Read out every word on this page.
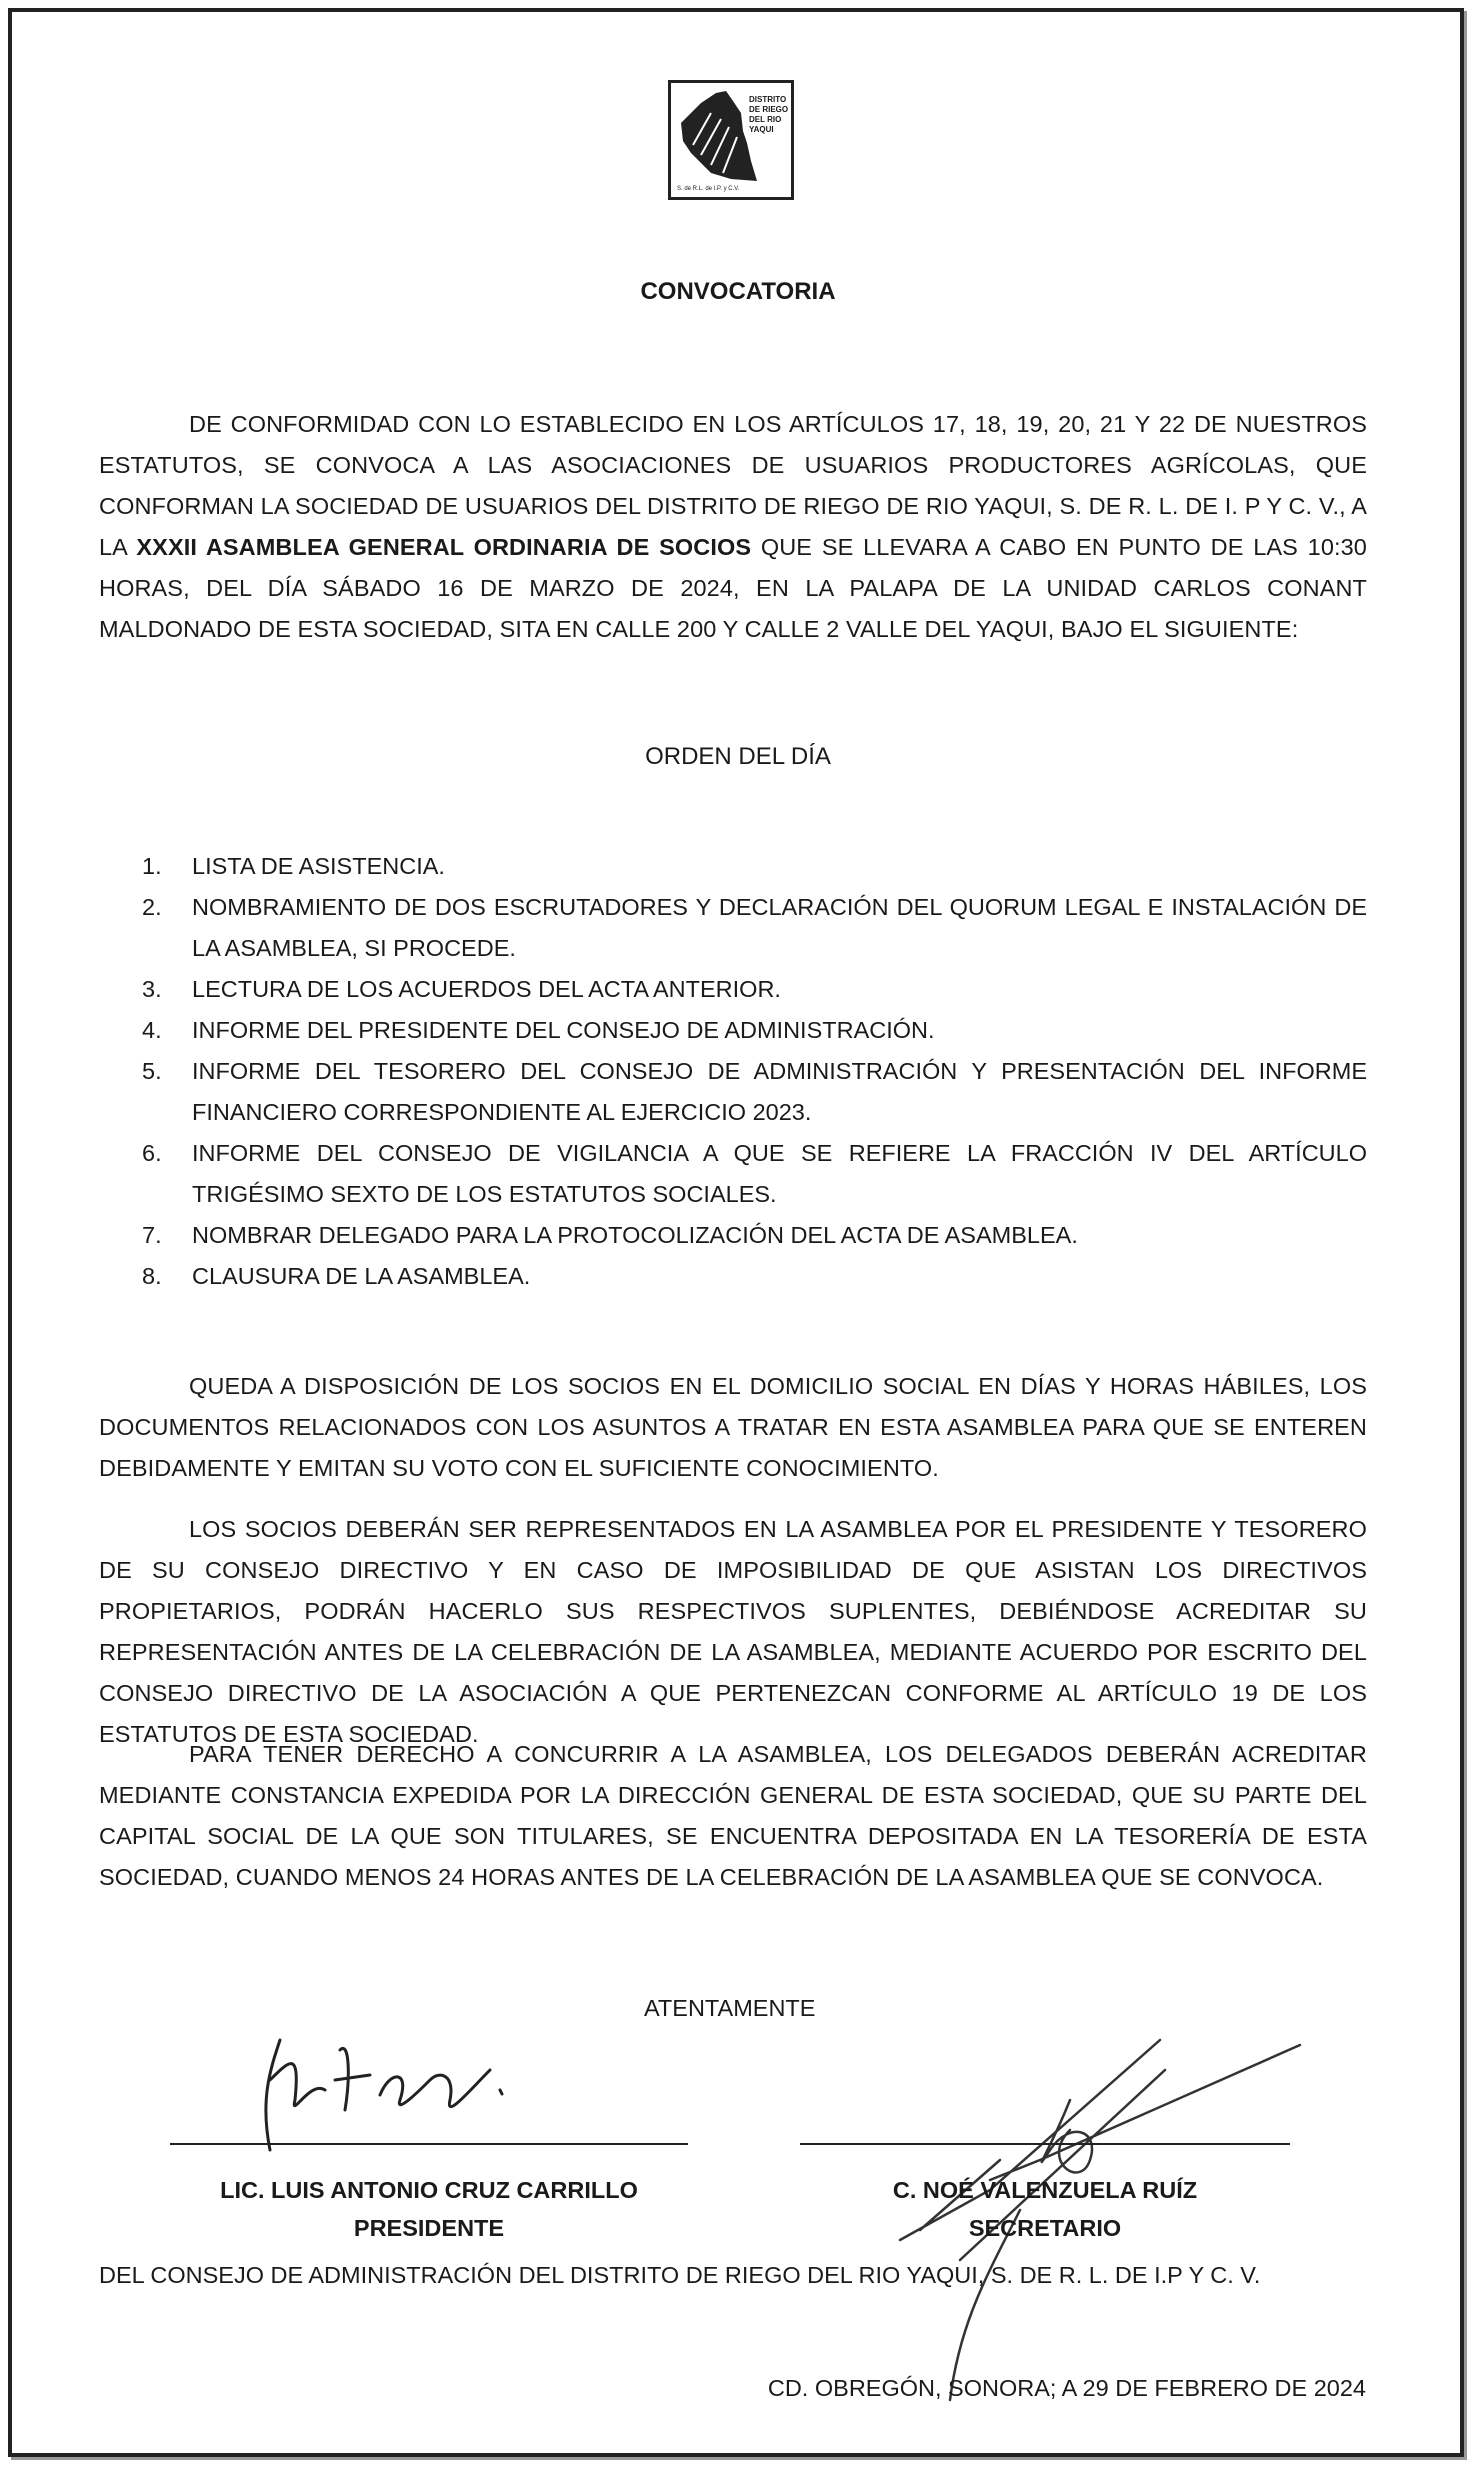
DISTRITO
DE RIEGO
DEL RIO
YAQUI
S. de R.L. de I.P. y C.V.
CONVOCATORIA

DE CONFORMIDAD CON LO ESTABLECIDO EN LOS ARTÍCULOS 17, 18, 19, 20, 21 Y 22 DE NUESTROS ESTATUTOS, SE CONVOCA A LAS ASOCIACIONES DE USUARIOS PRODUCTORES AGRÍCOLAS, QUE CONFORMAN LA SOCIEDAD DE USUARIOS DEL DISTRITO DE RIEGO DE RIO YAQUI, S. DE R. L. DE I. P Y C. V., A LA XXXII ASAMBLEA GENERAL ORDINARIA DE SOCIOS QUE SE LLEVARA A CABO EN PUNTO DE LAS 10:30 HORAS, DEL DÍA SÁBADO 16 DE MARZO DE 2024, EN LA PALAPA DE LA UNIDAD CARLOS CONANT MALDONADO DE ESTA SOCIEDAD, SITA EN CALLE 200 Y CALLE 2 VALLE DEL YAQUI, BAJO EL SIGUIENTE:

ORDEN DEL DÍA
1. LISTA DE ASISTENCIA.
2. NOMBRAMIENTO DE DOS ESCRUTADORES Y DECLARACIÓN DEL QUORUM LEGAL E INSTALACIÓN DE LA ASAMBLEA, SI PROCEDE.
3. LECTURA DE LOS ACUERDOS DEL ACTA ANTERIOR.
4. INFORME DEL PRESIDENTE DEL CONSEJO DE ADMINISTRACIÓN.
5. INFORME DEL TESORERO DEL CONSEJO DE ADMINISTRACIÓN Y PRESENTACIÓN DEL INFORME FINANCIERO CORRESPONDIENTE AL EJERCICIO 2023.
6. INFORME DEL CONSEJO DE VIGILANCIA A QUE SE REFIERE LA FRACCIÓN IV DEL ARTÍCULO TRIGÉSIMO SEXTO DE LOS ESTATUTOS SOCIALES.
7. NOMBRAR DELEGADO PARA LA PROTOCOLIZACIÓN DEL ACTA DE ASAMBLEA.
8. CLAUSURA DE LA ASAMBLEA.

QUEDA A DISPOSICIÓN DE LOS SOCIOS EN EL DOMICILIO SOCIAL EN DÍAS Y HORAS HÁBILES, LOS DOCUMENTOS RELACIONADOS CON LOS ASUNTOS A TRATAR EN ESTA ASAMBLEA PARA QUE SE ENTEREN DEBIDAMENTE Y EMITAN SU VOTO CON EL SUFICIENTE CONOCIMIENTO.

LOS SOCIOS DEBERÁN SER REPRESENTADOS EN LA ASAMBLEA POR EL PRESIDENTE Y TESORERO DE SU CONSEJO DIRECTIVO Y EN CASO DE IMPOSIBILIDAD DE QUE ASISTAN LOS DIRECTIVOS PROPIETARIOS, PODRÁN HACERLO SUS RESPECTIVOS SUPLENTES, DEBIÉNDOSE ACREDITAR SU REPRESENTACIÓN ANTES DE LA CELEBRACIÓN DE LA ASAMBLEA, MEDIANTE ACUERDO POR ESCRITO DEL CONSEJO DIRECTIVO DE LA ASOCIACIÓN A QUE PERTENEZCAN CONFORME AL ARTÍCULO 19 DE LOS ESTATUTOS DE ESTA SOCIEDAD.

PARA TENER DERECHO A CONCURRIR A LA ASAMBLEA, LOS DELEGADOS DEBERÁN ACREDITAR MEDIANTE CONSTANCIA EXPEDIDA POR LA DIRECCIÓN GENERAL DE ESTA SOCIEDAD, QUE SU PARTE DEL CAPITAL SOCIAL DE LA QUE SON TITULARES, SE ENCUENTRA DEPOSITADA EN LA TESORERÍA DE ESTA SOCIEDAD, CUANDO MENOS 24 HORAS ANTES DE LA CELEBRACIÓN DE LA ASAMBLEA QUE SE CONVOCA.

ATENTAMENTE
LIC. LUIS ANTONIO CRUZ CARRILLO
PRESIDENTE
C. NOÉ VALENZUELA RUÍZ
SECRETARIO
DEL CONSEJO DE ADMINISTRACIÓN DEL DISTRITO DE RIEGO DEL RIO YAQUI, S. DE R. L. DE I.P Y C. V.
CD. OBREGÓN, SONORA; A 29 DE FEBRERO DE 2024
